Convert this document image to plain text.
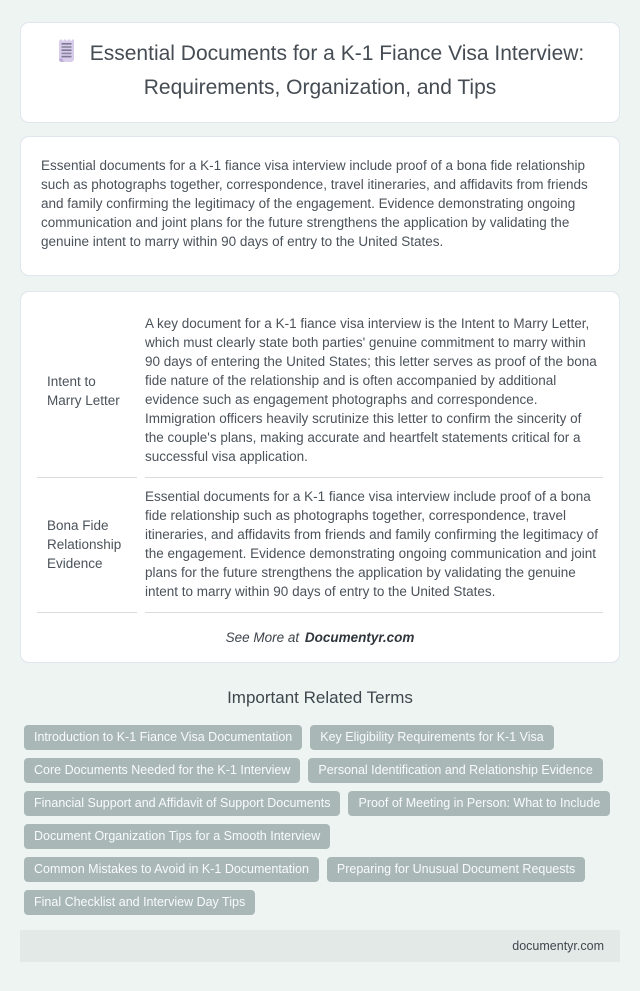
Essential Documents for a K-1 Fiance Visa Interview: Requirements, Organization, and Tips

Essential documents for a K-1 fiance visa interview include proof of a bona fide relationship such as photographs together, correspondence, travel itineraries, and affidavits from friends and family confirming the legitimacy of the engagement. Evidence demonstrating ongoing communication and joint plans for the future strengthens the application by validating the genuine intent to marry within 90 days of entry to the United States.

Intent to Marry Letter	A key document for a K-1 fiance visa interview is the Intent to Marry Letter, which must clearly state both parties' genuine commitment to marry within 90 days of entering the United States; this letter serves as proof of the bona fide nature of the relationship and is often accompanied by additional evidence such as engagement photographs and correspondence. Immigration officers heavily scrutinize this letter to confirm the sincerity of the couple's plans, making accurate and heartfelt statements critical for a successful visa application.
Bona Fide Relationship Evidence	Essential documents for a K-1 fiance visa interview include proof of a bona fide relationship such as photographs together, correspondence, travel itineraries, and affidavits from friends and family confirming the legitimacy of the engagement. Evidence demonstrating ongoing communication and joint plans for the future strengthens the application by validating the genuine intent to marry within 90 days of entry to the United States.
See More at Documentyr.com
Important Related Terms
Introduction to K-1 Fiance Visa Documentation	Key Eligibility Requirements for K-1 Visa
Core Documents Needed for the K-1 Interview	Personal Identification and Relationship Evidence
Financial Support and Affidavit of Support Documents	Proof of Meeting in Person: What to Include
Document Organization Tips for a Smooth Interview
Common Mistakes to Avoid in K-1 Documentation	Preparing for Unusual Document Requests
Final Checklist and Interview Day Tips
documentyr.com
